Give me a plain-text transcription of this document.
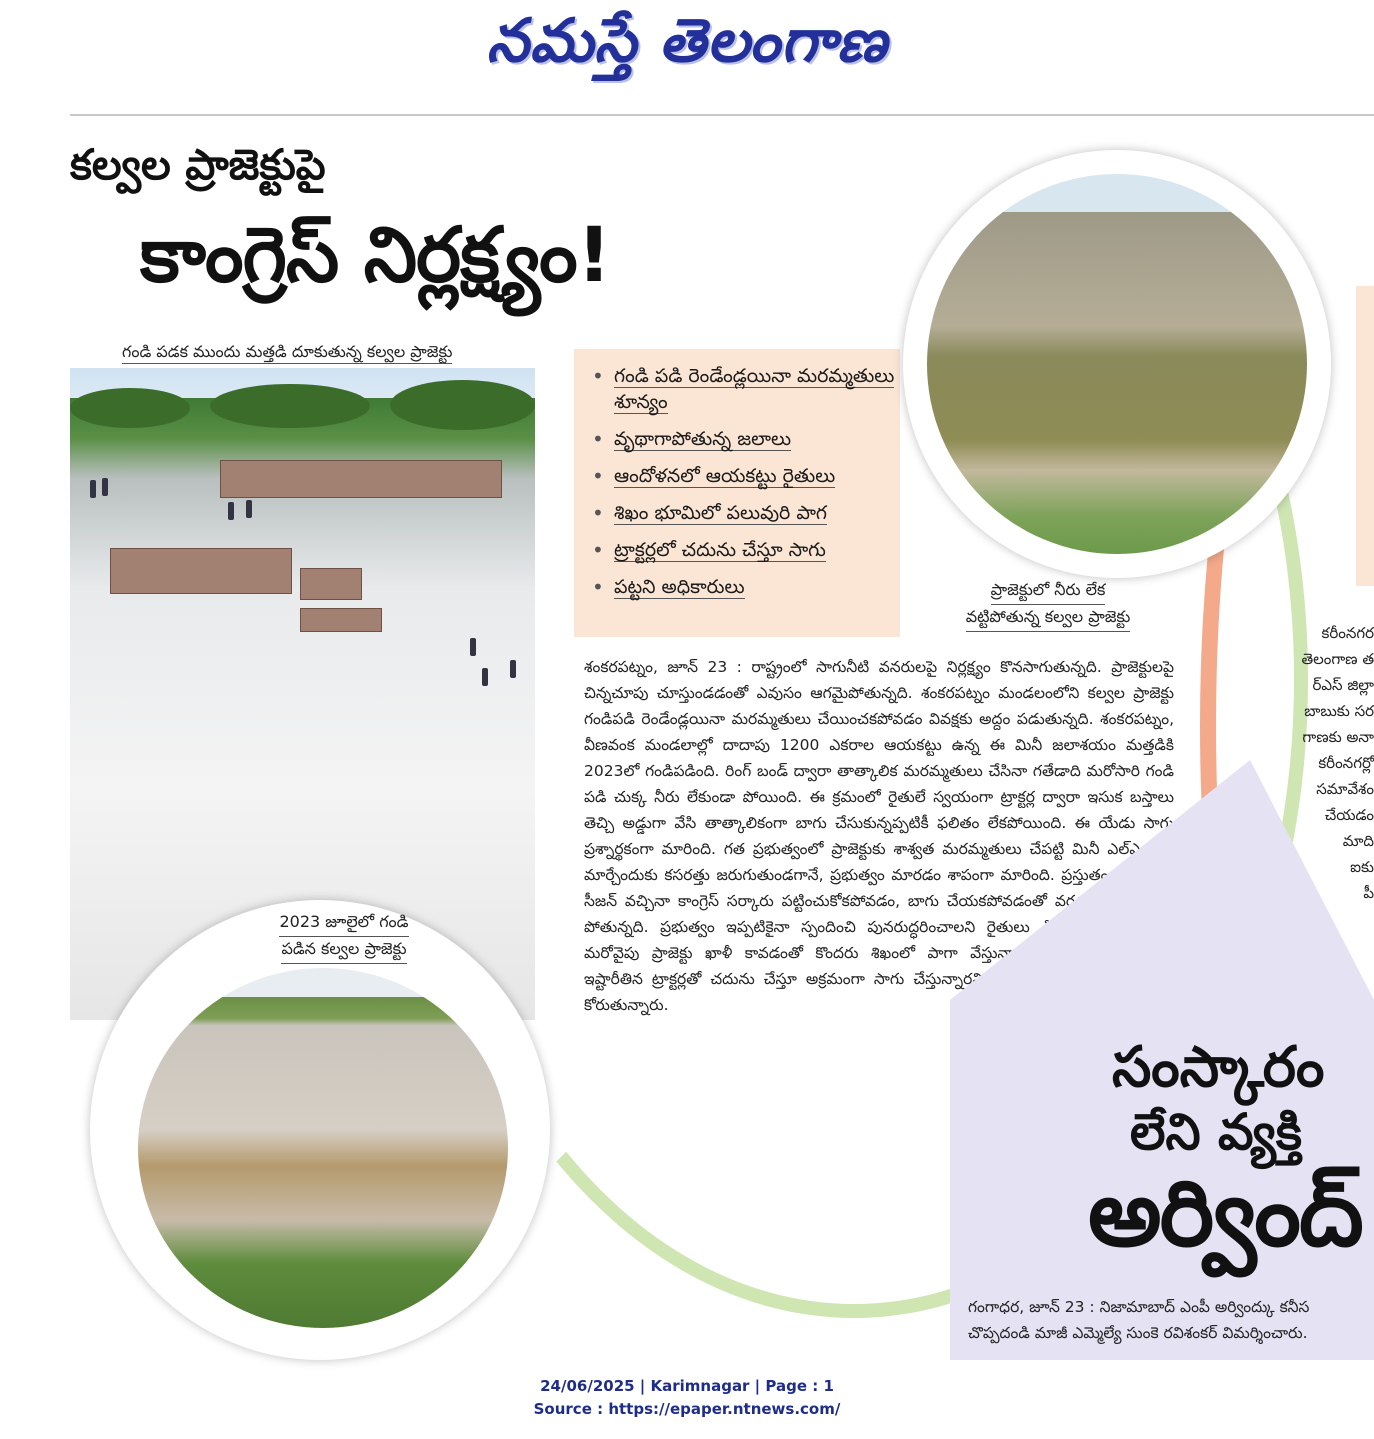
నమస్తే తెలంగాణ
కల్వల ప్రాజెక్టుపై
కాంగ్రెస్ నిర్లక్ష్యం!
గండి పడక ముందు మత్తడి దూకుతున్న కల్వల ప్రాజెక్టు
• గండి పడి రెండేండ్లయినా మరమ్మతులు శూన్యం
• వృథాగాపోతున్న జలాలు
• ఆందోళనలో ఆయకట్టు రైతులు
• శిఖం భూమిలో పలువురి పాగ
• ట్రాక్టర్లలో చదును చేస్తూ సాగు
• పట్టని అధికారులు	ప్రాజెక్టులో నీరు లేక
వట్టిపోతున్న కల్వల ప్రాజెక్టు
శంకరపట్నం, జూన్ 23 : రాష్ట్రంలో సాగునీటి వనరులపై నిర్లక్ష్యం కొనసాగుతున్నది. ప్రాజెక్టులపై చిన్నచూపు చూస్తుండడంతో ఎవుసం ఆగమైపోతున్నది. శంకరపట్నం మండలంలోని కల్వల ప్రాజెక్టు గండిపడి రెండేండ్లయినా మరమ్మతులు చేయించకపోవడం వివక్షకు అద్దం పడుతున్నది. శంకరపట్నం, వీణవంక మండలాల్లో దాదాపు 1200 ఎకరాల ఆయకట్టు ఉన్న ఈ మినీ జలాశయం మత్తడికి 2023లో గండిపడింది. రింగ్ బండ్ ద్వారా తాత్కాలిక మరమ్మతులు చేసినా గతేడాది మరోసారి గండి పడి చుక్క నీరు లేకుండా పోయింది. ఈ క్రమంలో రైతులే స్వయంగా ట్రాక్టర్ల ద్వారా ఇసుక బస్తాలు తెచ్చి అడ్డుగా వేసి తాత్కాలికంగా బాగు చేసుకున్నప్పటికీ ఫలితం లేకపోయింది. ఈ యేడు సాగు ప్రశ్నార్థకంగా మారింది. గత ప్రభుత్వంలో ప్రాజెక్టుకు శాశ్వత మరమ్మతులు చేపట్టి మినీ ఎల్ఎండీగా మార్చేందుకు కసరత్తు జరుగుతుండగానే, ప్రభుత్వం మారడం శాపంగా మారింది. ప్రస్తుతం వానకాలం సీజన్ వచ్చినా కాంగ్రెస్ సర్కారు పట్టించుకోకపోవడం, బాగు చేయకపోవడంతో వరద నీరు వృథాగా పోతున్నది. ప్రభుత్వం ఇప్పటికైనా స్పందించి పునరుద్ధరించాలని రైతులు డిమాండ్ చేస్తున్నారు. మరోవైపు ప్రాజెక్టు ఖాళీ కావడంతో కొందరు శిఖంలో పాగా వేస్తున్నారని మండిపడుతున్నారు. ఇష్టారీతిన ట్రాక్టర్లతో చదును చేస్తూ అక్రమంగా సాగు చేస్తున్నారని, వారిపై చర్యలు తీసుకోవాలని కోరుతున్నారు.
2023 జూలైలో గండి
పడిన కల్వల ప్రాజెక్టు
కరీంనగర
తెలంగాణ త
ర్ఎస్ జిల్లా
బాబుకు సర
గాణకు అనా
కరీంనగర్లో
సమావేశం
చేయడం
మాది
ఐకు
పీ
సంస్కారం
లేని వ్యక్తి
అర్వింద్
గంగాధర, జూన్ 23 : నిజామాబాద్ ఎంపీ అర్వింద్కు కనీస చొప్పదండి మాజీ ఎమ్మెల్యే సుంకె రవిశంకర్ విమర్శించారు.
24/06/2025 | Karimnagar | Page : 1
Source : https://epaper.ntnews.com/
